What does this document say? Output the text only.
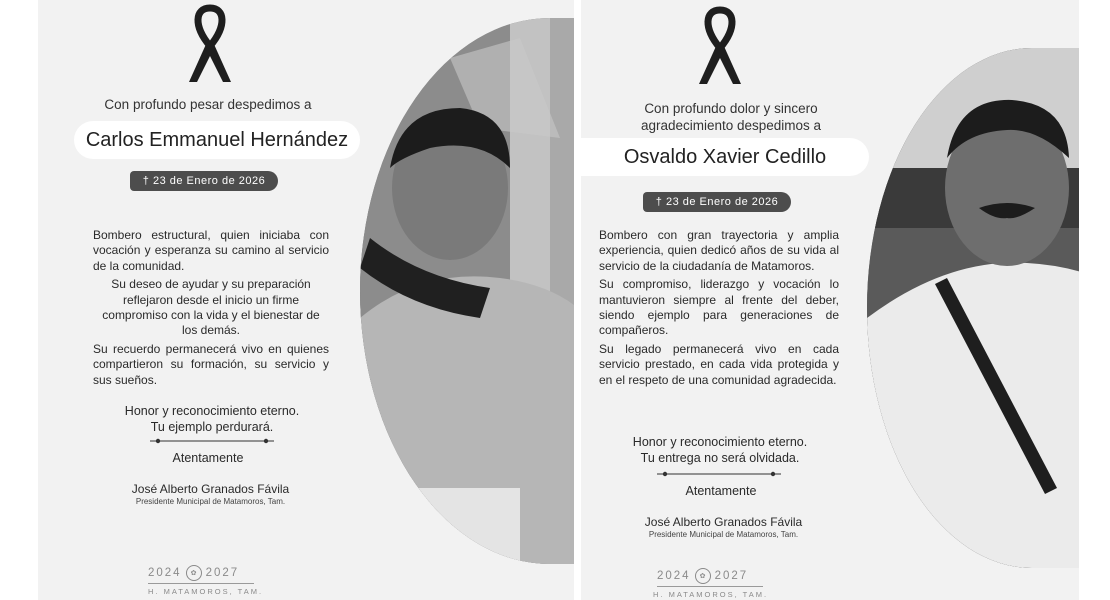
Con profundo pesar despedimos a
Carlos Emmanuel Hernández
† 23 de Enero de 2026

Bombero estructural, quien iniciaba con vocación y esperanza su camino al servicio de la comunidad.

Su deseo de ayudar y su preparación reflejaron desde el inicio un firme compromiso con la vida y el bienestar de los demás.

Su recuerdo permanecerá vivo en quienes compartieron su formación, su servicio y sus sueños.

Honor y reconocimiento eterno.
Tu ejemplo perdurará.
Atentamente
José Alberto Granados Fávila
Presidente Municipal de Matamoros, Tam.
2024	✿ 2027
H. MATAMOROS, TAM.
Con profundo dolor y sincero agradecimiento despedimos a
Osvaldo Xavier Cedillo
† 23 de Enero de 2026

Bombero con gran trayectoria y amplia experiencia, quien dedicó años de su vida al servicio de la ciudadanía de Matamoros.

Su compromiso, liderazgo y vocación lo mantuvieron siempre al frente del deber, siendo ejemplo para generaciones de compañeros.

Su legado permanecerá vivo en cada servicio prestado, en cada vida protegida y en el respeto de una comunidad agradecida.

Honor y reconocimiento eterno.
Tu entrega no será olvidada.
Atentamente
José Alberto Granados Fávila
Presidente Municipal de Matamoros, Tam.
2024	✿ 2027
H. MATAMOROS, TAM.
